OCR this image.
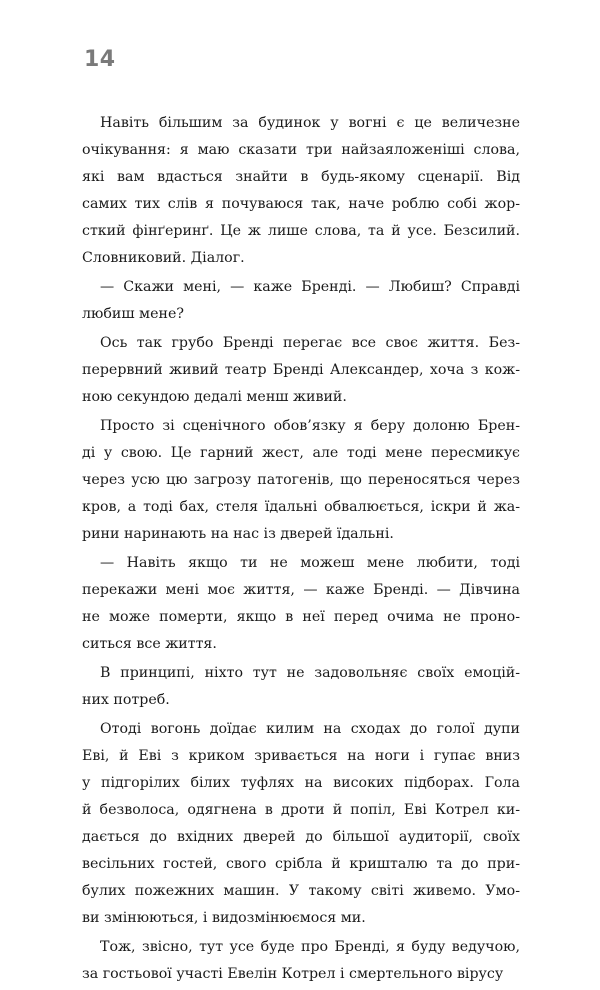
14
Навіть більшим за будинок у вогні є це величезне
очікування: я маю сказати три найзаяложеніші слова,
які вам вдасться знайти в будь-якому сценарії. Від
самих тих слів я почуваюся так, наче роблю собі жор-
сткий фінґеринґ. Це ж лише слова, та й усе. Безсилий.
Словниковий. Діалог.
— Скажи мені, — каже Бренді. — Любиш? Справді
любиш мене?
Ось так грубо Бренді перегає все своє життя. Без-
перервний живий театр Бренді Александер, хоча з кож-
ною секундою дедалі менш живий.
Просто зі сценічного обов’язку я беру долоню Брен-
ді у свою. Це гарний жест, але тоді мене пересмикує
через усю цю загрозу патогенів, що переносяться через
кров, а тоді бах, стеля їдальні обвалюється, іскри й жа-
рини наринають на нас із дверей їдальні.
— Навіть якщо ти не можеш мене любити, тоді
перекажи мені моє життя, — каже Бренді. — Дівчина
не може померти, якщо в неї перед очима не проно-
ситься все життя.
В принципі, ніхто тут не задовольняє своїх емоцій-
них потреб.
Отоді вогонь доїдає килим на сходах до голої дупи
Еві, й Еві з криком зривається на ноги і гупає вниз
у підгорілих білих туфлях на високих підборах. Гола
й безволоса, одягнена в дроти й попіл, Еві Котрел ки-
дається до вхідних дверей до більшої аудиторії, своїх
весільних гостей, свого срібла й кришталю та до при-
булих пожежних машин. У такому світі живемо. Умо-
ви змінюються, і видозмінюємося ми.
Тож, звісно, тут усе буде про Бренді, я буду ведучою,
за гостьової участі Евелін Котрел і смертельного вірусу
